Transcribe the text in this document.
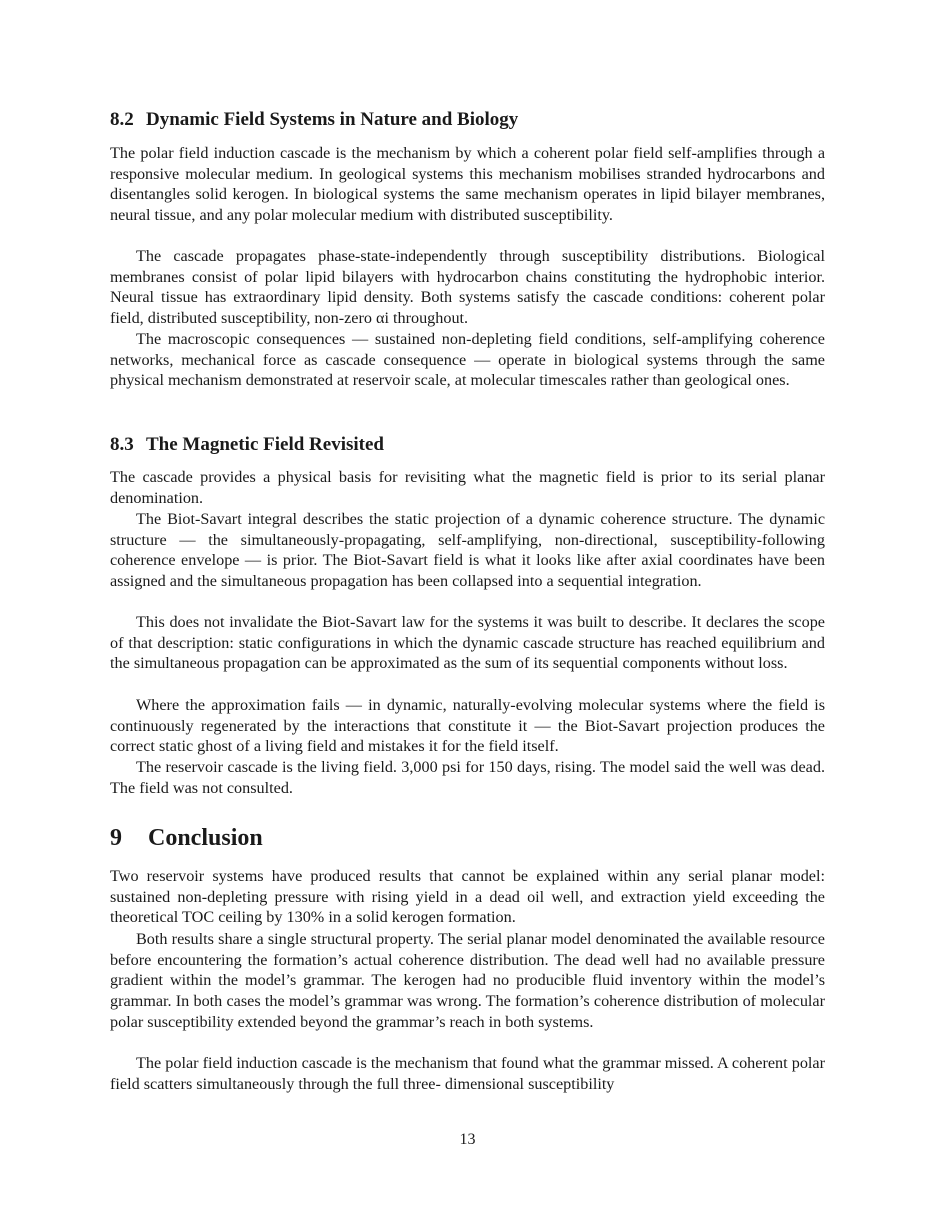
8.2 Dynamic Field Systems in Nature and Biology

The polar field induction cascade is the mechanism by which a coherent polar field self-amplifies through a responsive molecular medium. In geological systems this mechanism mobilises stranded hydrocarbons and disentangles solid kerogen. In biological systems the same mechanism operates in lipid bilayer membranes, neural tissue, and any polar molecular medium with distributed susceptibility.

The cascade propagates phase-state-independently through susceptibility distributions. Biological membranes consist of polar lipid bilayers with hydrocarbon chains constituting the hydrophobic interior. Neural tissue has extraordinary lipid density. Both systems satisfy the cascade conditions: coherent polar field, distributed susceptibility, non-zero αi throughout.

The macroscopic consequences — sustained non-depleting field conditions, self-amplifying coherence networks, mechanical force as cascade consequence — operate in biological systems through the same physical mechanism demonstrated at reservoir scale, at molecular timescales rather than geological ones.

8.3 The Magnetic Field Revisited

The cascade provides a physical basis for revisiting what the magnetic field is prior to its serial planar denomination.

The Biot-Savart integral describes the static projection of a dynamic coherence structure. The dynamic structure — the simultaneously-propagating, self-amplifying, non-directional, susceptibility-following coherence envelope — is prior. The Biot-Savart field is what it looks like after axial coordinates have been assigned and the simultaneous propagation has been collapsed into a sequential integration.

This does not invalidate the Biot-Savart law for the systems it was built to describe. It declares the scope of that description: static configurations in which the dynamic cascade structure has reached equilibrium and the simultaneous propagation can be approximated as the sum of its sequential components without loss.

Where the approximation fails — in dynamic, naturally-evolving molecular systems where the field is continuously regenerated by the interactions that constitute it — the Biot-Savart projection produces the correct static ghost of a living field and mistakes it for the field itself.

The reservoir cascade is the living field. 3,000 psi for 150 days, rising. The model said the well was dead. The field was not consulted.

9 Conclusion

Two reservoir systems have produced results that cannot be explained within any serial planar model: sustained non-depleting pressure with rising yield in a dead oil well, and extraction yield exceeding the theoretical TOC ceiling by 130% in a solid kerogen formation.

Both results share a single structural property. The serial planar model denominated the available resource before encountering the formation’s actual coherence distribution. The dead well had no available pressure gradient within the model’s grammar. The kerogen had no producible fluid inventory within the model’s grammar. In both cases the model’s grammar was wrong. The formation’s coherence distribution of molecular polar susceptibility extended beyond the grammar’s reach in both systems.

The polar field induction cascade is the mechanism that found what the grammar missed. A coherent polar field scatters simultaneously through the full three- dimensional susceptibility

13
